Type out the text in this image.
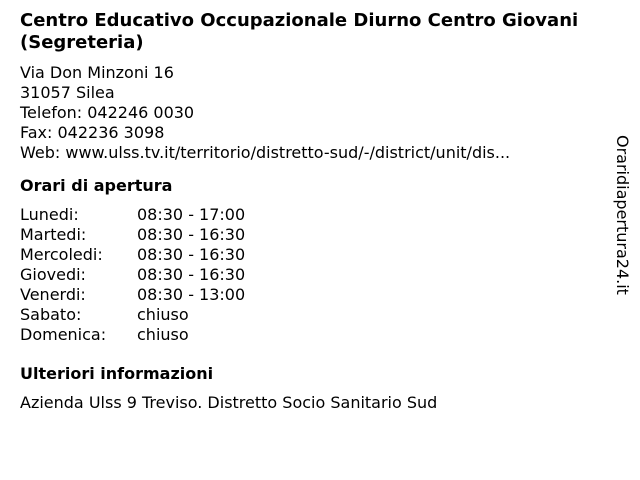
Centro Educativo Occupazionale Diurno Centro Giovani (Segreteria)
Via Don Minzoni 16
31057 Silea
Telefon: 042246 0030
Fax: 042236 3098
Web: www.ulss.tv.it/territorio/distretto-sud/-/district/unit/dis...
Orari di apertura
Lunedi:	08:30 - 17:00
Martedi:	08:30 - 16:30
Mercoledi:	08:30 - 16:30
Giovedi:	08:30 - 16:30
Venerdi:	08:30 - 13:00
Sabato:	chiuso
Domenica:	chiuso
Ulteriori informazioni
Azienda Ulss 9 Treviso. Distretto Socio Sanitario Sud
Oraridiapertura24.it
